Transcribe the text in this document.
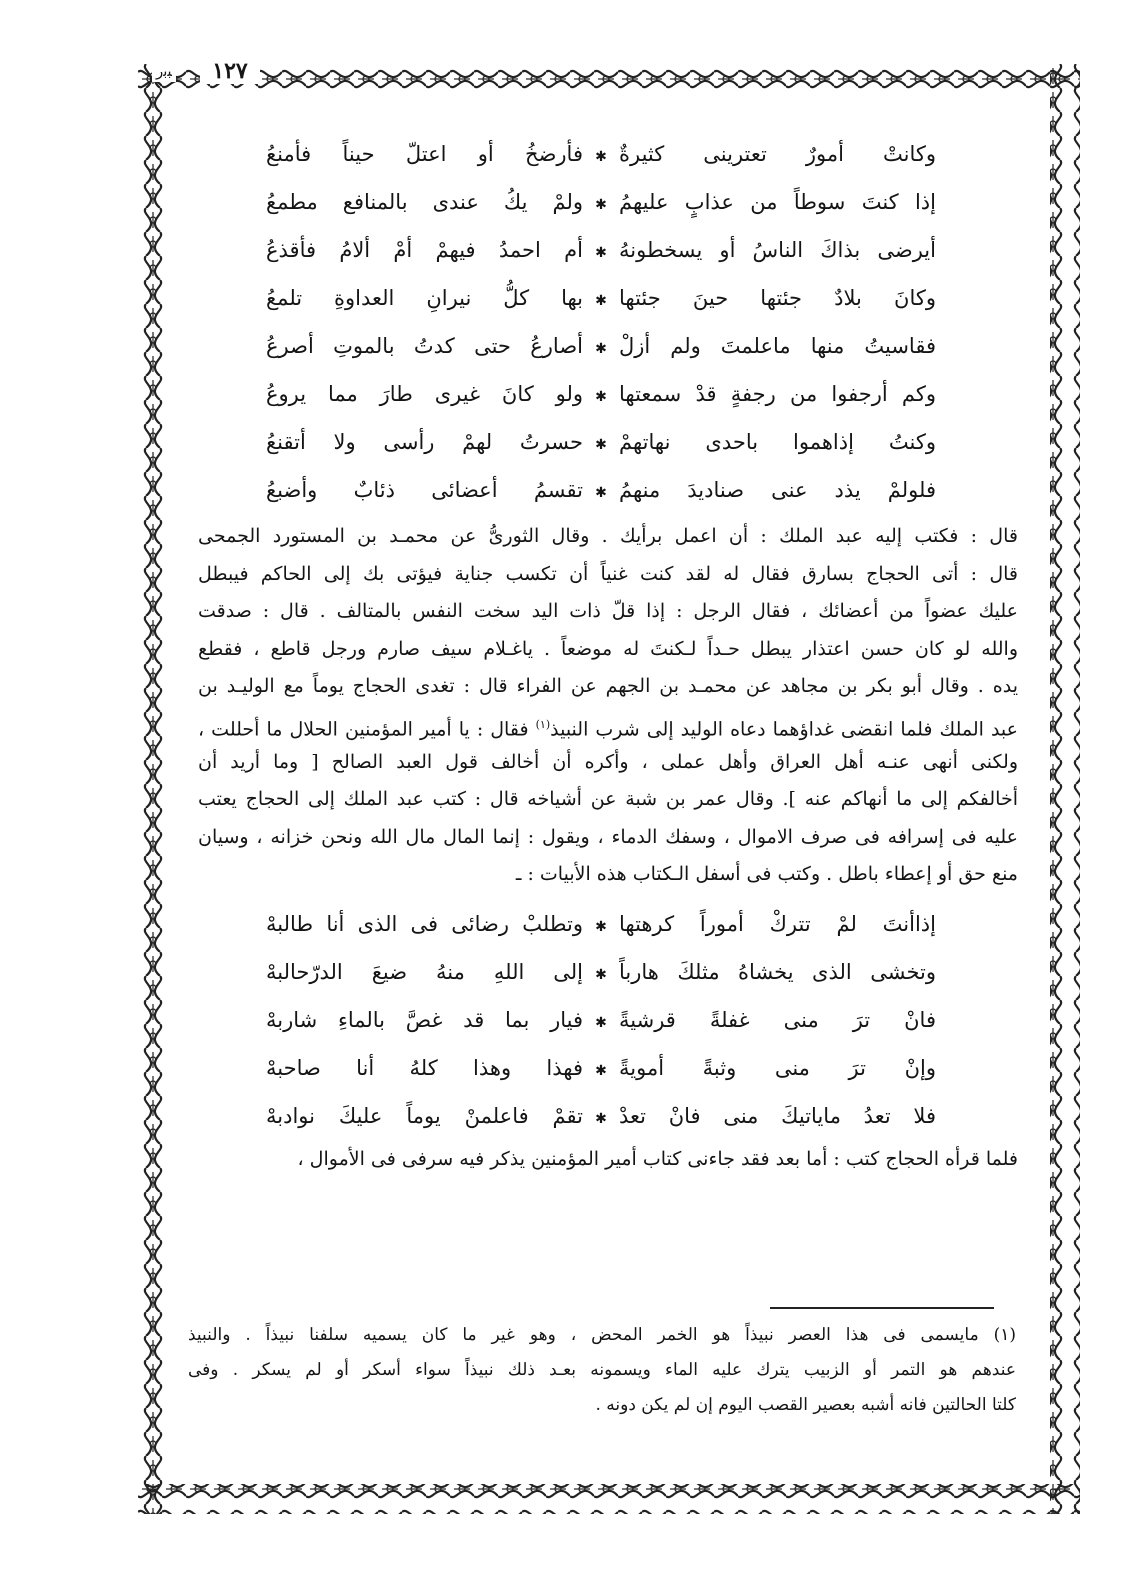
ﺒﺑﺭ	١٢٧
وكانتْ أمورٌ تعترينى كثيرةٌ
✱
فأرضخُ أو اعتلّ حيناً فأمنعُ
إذا كنتَ سوطاً من عذابٍ عليهمُ
✱
ولمْ يكُ عندى بالمنافع مطمعُ
أيرضى بذاكَ الناسُ أو يسخطونهُ
✱
أم احمدُ فيهمْ أمْ ألامُ فأقذعُ
وكانَ بلادٌ جئتها حينَ جئتها
✱
بها كلُّ نيرانِ العداوةِ تلمعُ
فقاسيتُ منها ماعلمتَ ولم أزلْ
✱
أصارعُ حتى كدتُ بالموتِ أصرعُ
وكم أرجفوا من رجفةٍ قدْ سمعتها
✱
ولو كانَ غيرى طارَ مما يروعُ
وكنتُ إذاهموا باحدى نهاتهمْ
✱
حسرتُ لهمْ رأسى ولا أتقنعُ
فلولمْ يذد عنى صناديدَ منهمُ
✱
تقسمُ أعضائى ذئابٌ وأضبعُ
قال : فكتب إليه عبد الملك : أن اعمل برأيك . وقال الثورىُّ عن محمـد بن المستورد الجمحى
قال : أتى الحجاج بسارق فقال له لقد كنت غنياً أن تكسب جناية فيؤتى بك إلى الحاكم فيبطل
عليك عضواً من أعضائك ، فقال الرجل : إذا قلّ ذات اليد سخت النفس بالمتالف . قال : صدقت
والله لو كان حسن اعتذار يبطل حـداً لـكنتَ له موضعاً . ياغـلام سيف صارم ورجل قاطع ، فقطع
يده . وقال أبو بكر بن مجاهد عن محمـد بن الجهم عن الفراء قال : تغدى الحجاج يوماً مع الوليـد بن
عبد الملك فلما انقضى غداؤهما دعاه الوليد إلى شرب النبيذ$^{(١)}$ فقال : يا أمير المؤمنين الحلال ما أحللت ،
ولكنى أنهى عنـه أهل العراق وأهل عملى ، وأكره أن أخالف قول العبد الصالح [ وما أريد أن
أخالفكم إلى ما أنهاكم عنه ]. وقال عمر بن شبة عن أشياخه قال : كتب عبد الملك إلى الحجاج يعتب
عليه فى إسرافه فى صرف الاموال ، وسفك الدماء ، ويقول : إنما المال مال الله ونحن خزانه ، وسيان
منع حق أو إعطاء باطل . وكتب فى أسفل الـكتاب هذه الأبيات : ـ
إذاأنتَ لمْ تتركْ أموراً كرهتها
✱
وتطلبْ رضائى فى الذى أنا طالبهْ
وتخشى الذى يخشاهُ مثلكَ هارباً
✱
إلى اللهِ منهُ ضيعَ الدرّحالبهْ
فانْ ترَ منى غفلةً قرشيةً
✱
فيار بما قد غصَّ بالماءِ شاربهْ
وإنْ ترَ منى وثبةً أمويةً
✱
فهذا وهذا كلهُ أنا صاحبهْ
فلا تعدُ ماياتيكَ منى فانْ تعدْ
✱
تقمْ فاعلمنْ يوماً عليكَ نوادبهْ
فلما قرأه الحجاج كتب : أما بعد فقد جاءنى كتاب أمير المؤمنين يذكر فيه سرفى فى الأموال ،
(١) مايسمى فى هذا العصر نبيذاً هو الخمر المحض ، وهو غير ما كان يسميه سلفنا نبيذاً . والنبيذ
عندهم هو التمر أو الزبيب يترك عليه الماء ويسمونه بعـد ذلك نبيذاً سواء أسكر أو لم يسكر . وفى
كلتا الحالتين فانه أشبه بعصير القصب اليوم إن لم يكن دونه .
